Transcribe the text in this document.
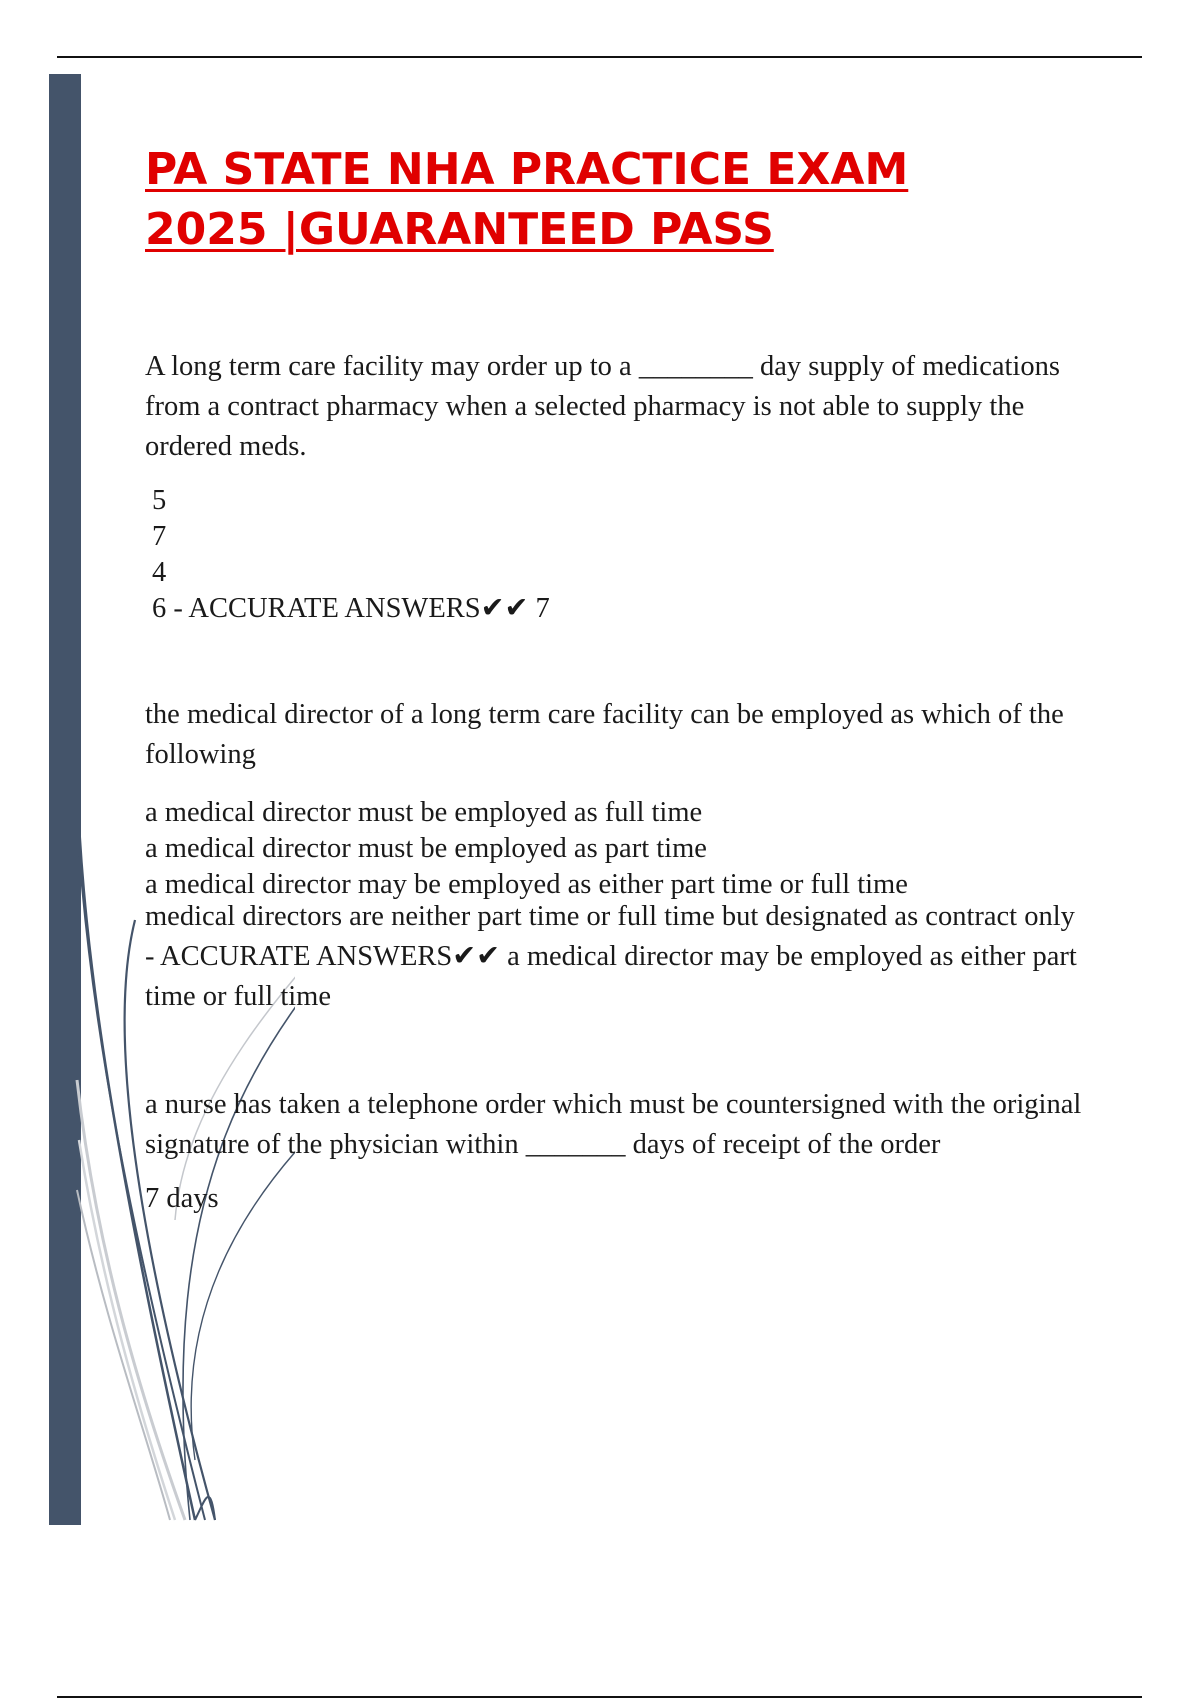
PA STATE NHA PRACTICE EXAM
2025 |GUARANTEED PASS

A long term care facility may order up to a ________ day supply of medications from a contract pharmacy when a selected pharmacy is not able to supply the ordered meds.

5

7

4

6 - ACCURATE ANSWERS✔✔ 7

the medical director of a long term care facility can be employed as which of the following

a medical director must be employed as full time

a medical director must be employed as part time

a medical director may be employed as either part time or full time

medical directors are neither part time or full time but designated as contract only - ACCURATE ANSWERS✔✔ a medical director may be employed as either part time or full time

a nurse has taken a telephone order which must be countersigned with the original signature of the physician within _______ days of receipt of the order

7 days
